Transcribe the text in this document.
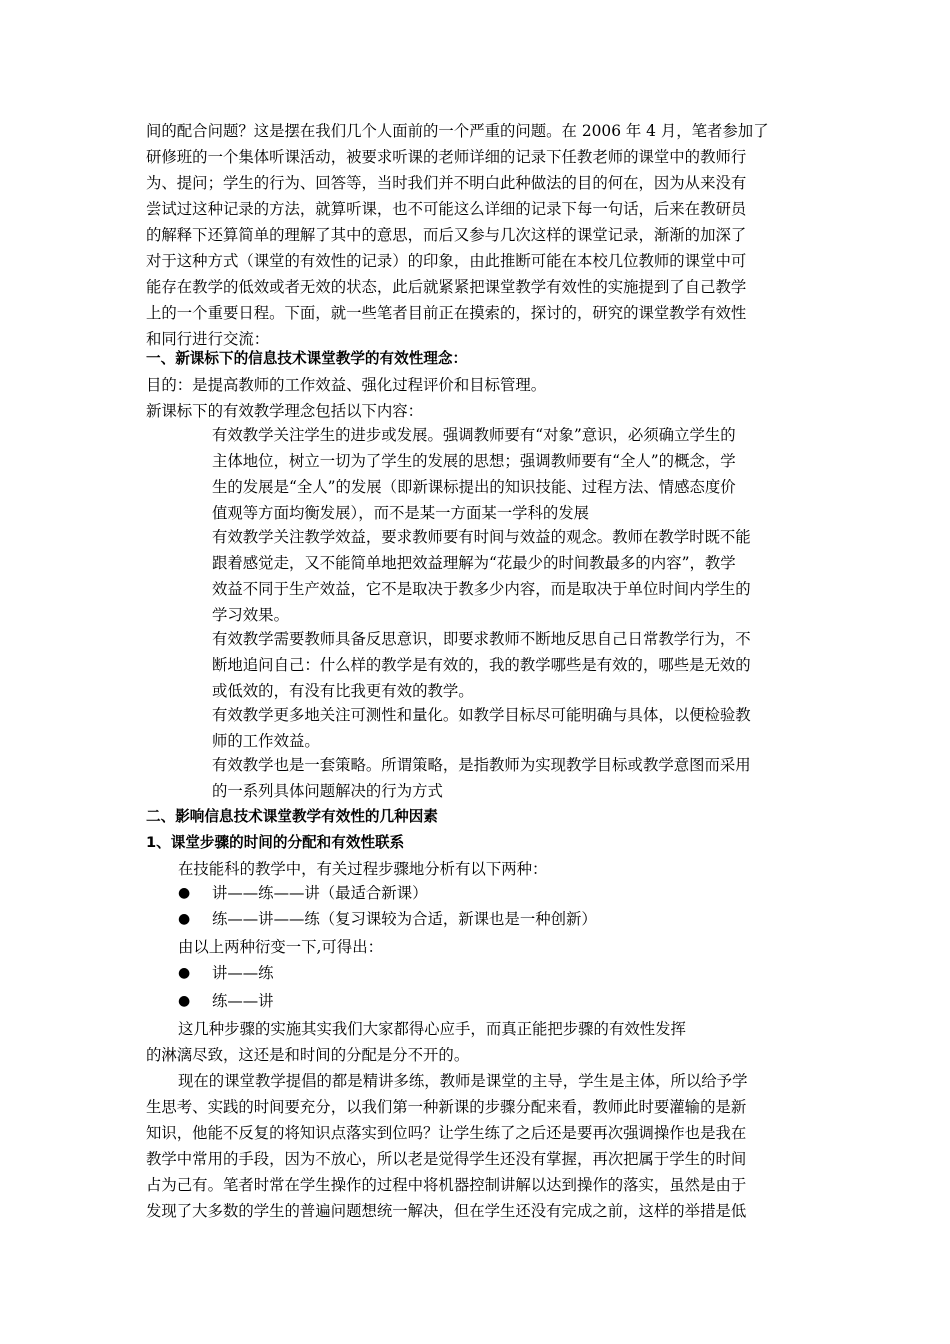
间的配合问题？这是摆在我们几个人面前的一个严重的问题。在 2006 年 4 月，笔者参加了
研修班的一个集体听课活动，被要求听课的老师详细的记录下任教老师的课堂中的教师行
为、提问；学生的行为、回答等，当时我们并不明白此种做法的目的何在，因为从来没有
尝试过这种记录的方法，就算听课，也不可能这么详细的记录下每一句话，后来在教研员
的解释下还算简单的理解了其中的意思，而后又参与几次这样的课堂记录，渐渐的加深了
对于这种方式（课堂的有效性的记录）的印象，由此推断可能在本校几位教师的课堂中可
能存在教学的低效或者无效的状态，此后就紧紧把课堂教学有效性的实施提到了自己教学
上的一个重要日程。下面，就一些笔者目前正在摸索的，探讨的，研究的课堂教学有效性
和同行进行交流：
一、新课标下的信息技术课堂教学的有效性理念：
目的：是提高教师的工作效益、强化过程评价和目标管理。
新课标下的有效教学理念包括以下内容：
有效教学关注学生的进步或发展。强调教师要有“对象”意识，必须确立学生的
主体地位，树立一切为了学生的发展的思想；强调教师要有“全人”的概念，学
生的发展是“全人”的发展（即新课标提出的知识技能、过程方法、情感态度价
值观等方面均衡发展），而不是某一方面某一学科的发展
有效教学关注教学效益，要求教师要有时间与效益的观念。教师在教学时既不能
跟着感觉走，又不能简单地把效益理解为“花最少的时间教最多的内容”，教学
效益不同于生产效益，它不是取决于教多少内容，而是取决于单位时间内学生的
学习效果。
有效教学需要教师具备反思意识，即要求教师不断地反思自己日常教学行为，不
断地追问自己：什么样的教学是有效的，我的教学哪些是有效的，哪些是无效的
或低效的，有没有比我更有效的教学。
有效教学更多地关注可测性和量化。如教学目标尽可能明确与具体，以便检验教
师的工作效益。
有效教学也是一套策略。所谓策略，是指教师为实现教学目标或教学意图而采用
的一系列具体问题解决的行为方式
二、影响信息技术课堂教学有效性的几种因素
1、课堂步骤的时间的分配和有效性联系
在技能科的教学中，有关过程步骤地分析有以下两种：
● 讲——练——讲（最适合新课）
● 练——讲——练（复习课较为合适，新课也是一种创新）
由以上两种衍变一下,可得出：
● 讲——练
● 练——讲
这几种步骤的实施其实我们大家都得心应手，而真正能把步骤的有效性发挥
的淋漓尽致，这还是和时间的分配是分不开的。
现在的课堂教学提倡的都是精讲多练，教师是课堂的主导，学生是主体，所以给予学
生思考、实践的时间要充分，以我们第一种新课的步骤分配来看，教师此时要灌输的是新
知识，他能不反复的将知识点落实到位吗？让学生练了之后还是要再次强调操作也是我在
教学中常用的手段，因为不放心，所以老是觉得学生还没有掌握，再次把属于学生的时间
占为己有。笔者时常在学生操作的过程中将机器控制讲解以达到操作的落实，虽然是由于
发现了大多数的学生的普遍问题想统一解决，但在学生还没有完成之前，这样的举措是低
